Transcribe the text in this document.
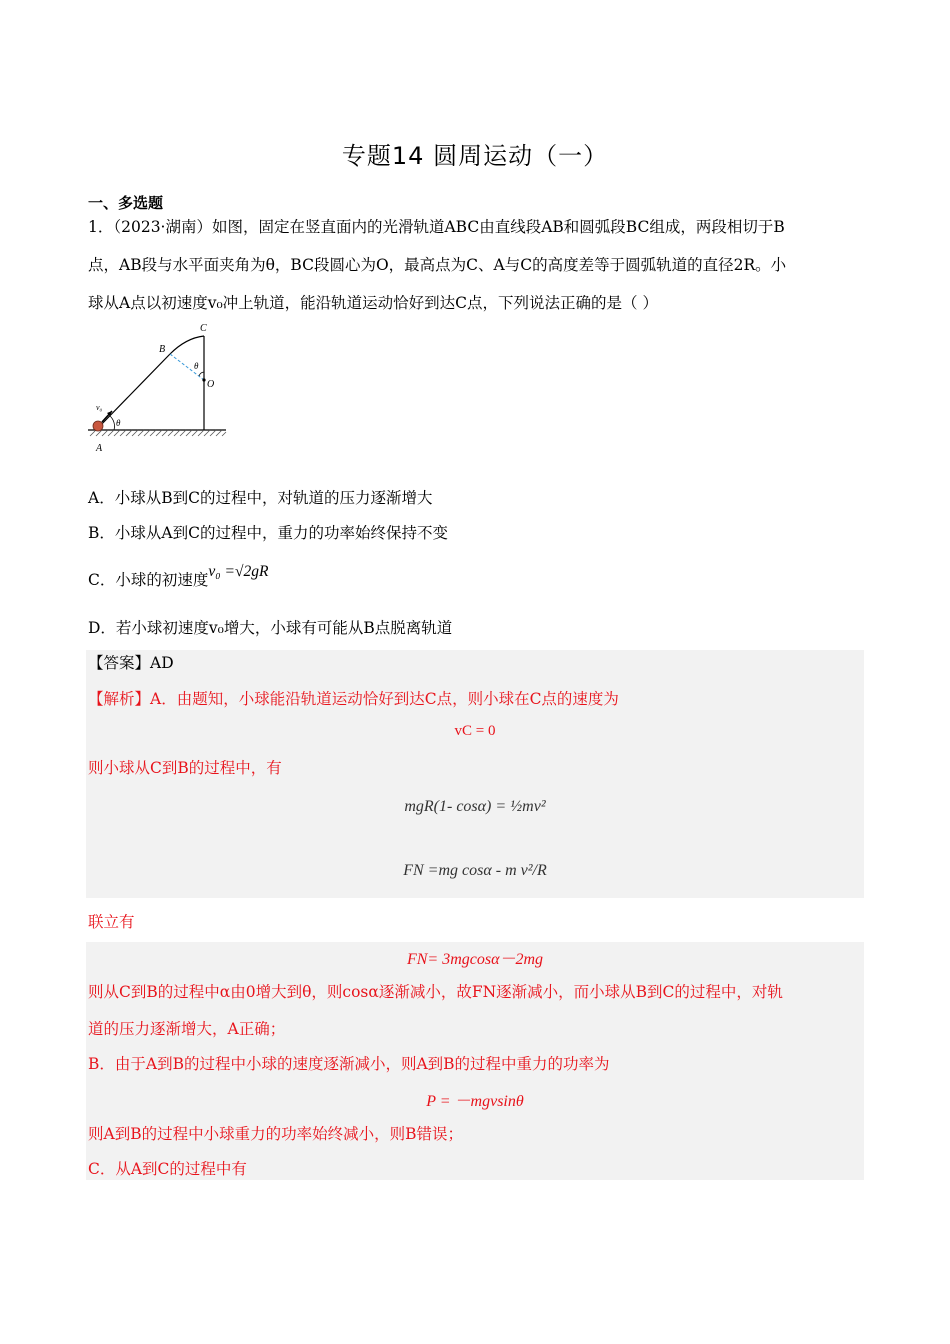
专题14 圆周运动（一）
一、多选题
1．（2023·湖南）如图，固定在竖直面内的光滑轨道ABC由直线段AB和圆弧段BC组成，两段相切于B
点，AB段与水平面夹角为θ，BC段圆心为O，最高点为C、A与C的高度差等于圆弧轨道的直径2R。小
球从A点以初速度v₀冲上轨道，能沿轨道运动恰好到达C点，下列说法正确的是（ ）
C
B
O
θ
θ
v₀
A
A．小球从B到C的过程中，对轨道的压力逐渐增大
B．小球从A到C的过程中，重力的功率始终保持不变
C．小球的初速度v₀ =√2gR
D．若小球初速度v₀增大，小球有可能从B点脱离轨道
【答案】AD
【解析】A．由题知，小球能沿轨道运动恰好到达C点，则小球在C点的速度为
vC = 0
则小球从C到B的过程中，有
mgR(1- cosα) = ½mv²
FN =mg cosα - m v²/R
联立有
FN= 3mgcosα－2mg
则从C到B的过程中α由0增大到θ，则cosα逐渐减小，故FN逐渐减小，而小球从B到C的过程中，对轨
道的压力逐渐增大，A正确；
B．由于A到B的过程中小球的速度逐渐减小，则A到B的过程中重力的功率为
P = －mgvsinθ
则A到B的过程中小球重力的功率始终减小，则B错误；
C．从A到C的过程中有
